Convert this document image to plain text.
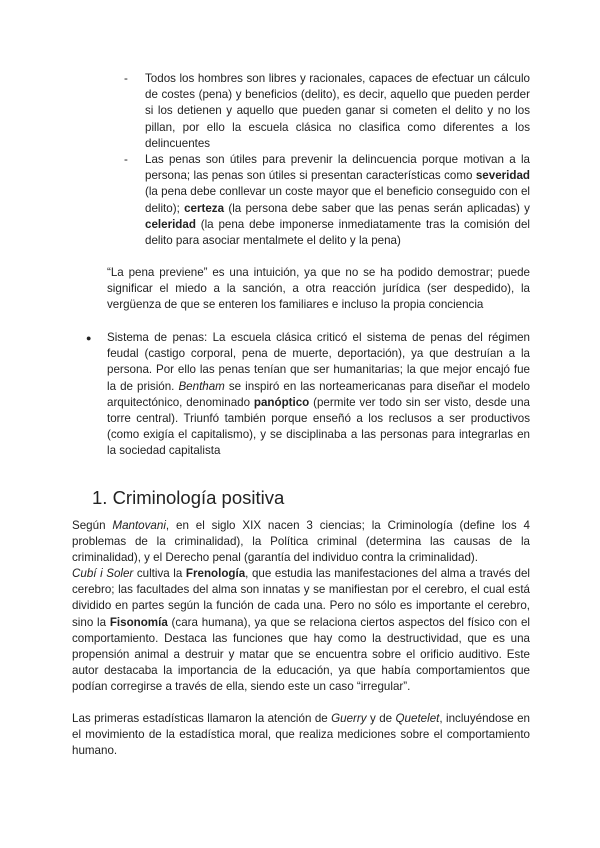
- Todos los hombres son libres y racionales, capaces de efectuar un cálculo de costes (pena) y beneficios (delito), es decir, aquello que pueden perder si los detienen y aquello que pueden ganar si cometen el delito y no los pillan, por ello la escuela clásica no clasifica como diferentes a los delincuentes

- Las penas son útiles para prevenir la delincuencia porque motivan a la persona; las penas son útiles si presentan características como severidad (la pena debe conllevar un coste mayor que el beneficio conseguido con el delito); certeza (la persona debe saber que las penas serán aplicadas) y celeridad (la pena debe imponerse inmediatamente tras la comisión del delito para asociar mentalmete el delito y la pena)

“La pena previene” es una intuición, ya que no se ha podido demostrar; puede significar el miedo a la sanción, a otra reacción jurídica (ser despedido), la vergüenza de que se enteren los familiares e incluso la propia conciencia

● Sistema de penas: La escuela clásica criticó el sistema de penas del régimen feudal (castigo corporal, pena de muerte, deportación), ya que destruían a la persona. Por ello las penas tenían que ser humanitarias; la que mejor encajó fue la de prisión. Bentham se inspiró en las norteamericanas para diseñar el modelo arquitectónico, denominado panóptico (permite ver todo sin ser visto, desde una torre central). Triunfó también porque enseñó a los reclusos a ser productivos (como exigía el capitalismo), y se disciplinaba a las personas para integrarlas en la sociedad capitalista

1. Criminología positiva

Según Mantovani, en el siglo XIX nacen 3 ciencias; la Criminología (define los 4 problemas de la criminalidad), la Política criminal (determina las causas de la criminalidad), y el Derecho penal (garantía del individuo contra la criminalidad).

Cubí i Soler cultiva la Frenología, que estudia las manifestaciones del alma a través del cerebro; las facultades del alma son innatas y se manifiestan por el cerebro, el cual está dividido en partes según la función de cada una. Pero no sólo es importante el cerebro, sino la Fisonomía (cara humana), ya que se relaciona ciertos aspectos del físico con el comportamiento. Destaca las funciones que hay como la destructividad, que es una propensión animal a destruir y matar que se encuentra sobre el orificio auditivo. Este autor destacaba la importancia de la educación, ya que había comportamientos que podían corregirse a través de ella, siendo este un caso “irregular”.

Las primeras estadísticas llamaron la atención de Guerry y de Quetelet, incluyéndose en el movimiento de la estadística moral, que realiza mediciones sobre el comportamiento humano.
